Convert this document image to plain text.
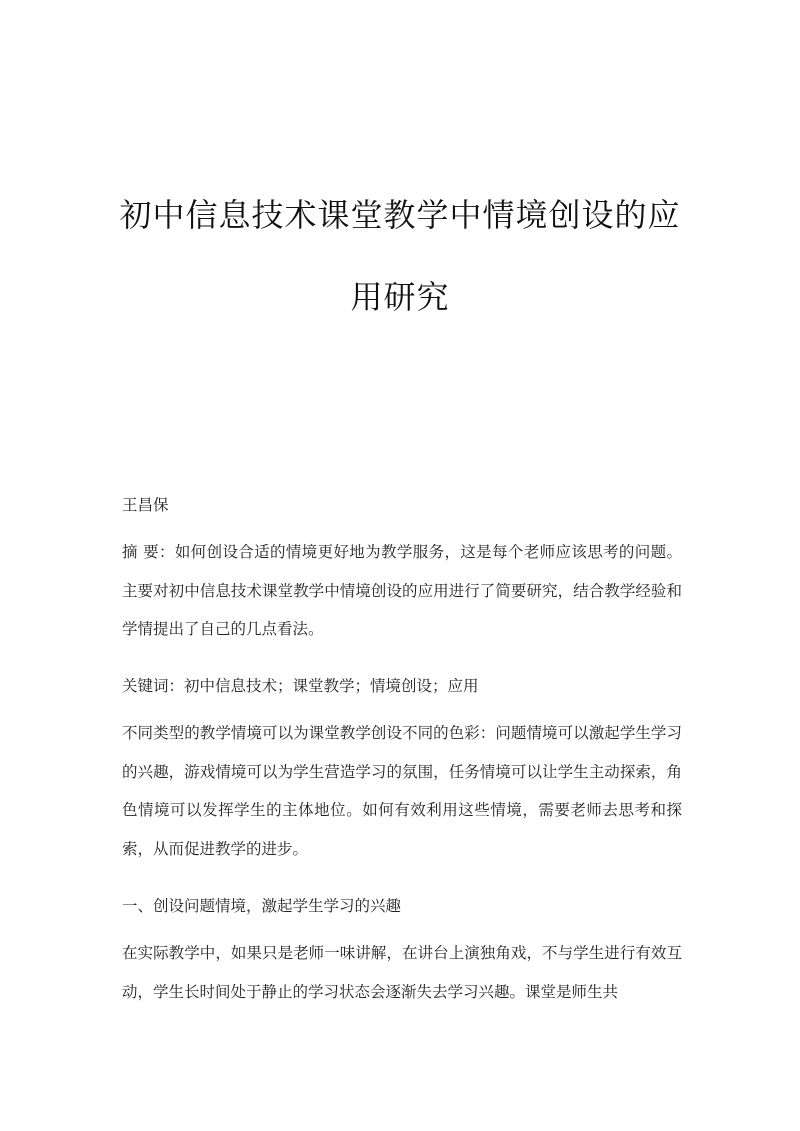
初中信息技术课堂教学中情境创设的应
用研究
王昌保
摘 要：如何创设合适的情境更好地为教学服务，这是每个老师应该思考的问题。主要对初中信息技术课堂教学中情境创设的应用进行了简要研究，结合教学经验和学情提出了自己的几点看法。
关键词：初中信息技术；课堂教学；情境创设；应用
不同类型的教学情境可以为课堂教学创设不同的色彩：问题情境可以激起学生学习的兴趣，游戏情境可以为学生营造学习的氛围，任务情境可以让学生主动探索，角色情境可以发挥学生的主体地位。如何有效利用这些情境，需要老师去思考和探索，从而促进教学的进步。
一、创设问题情境，激起学生学习的兴趣
在实际教学中，如果只是老师一味讲解，在讲台上演独角戏，不与学生进行有效互动，学生长时间处于静止的学习状态会逐渐失去学习兴趣。课堂是师生共
